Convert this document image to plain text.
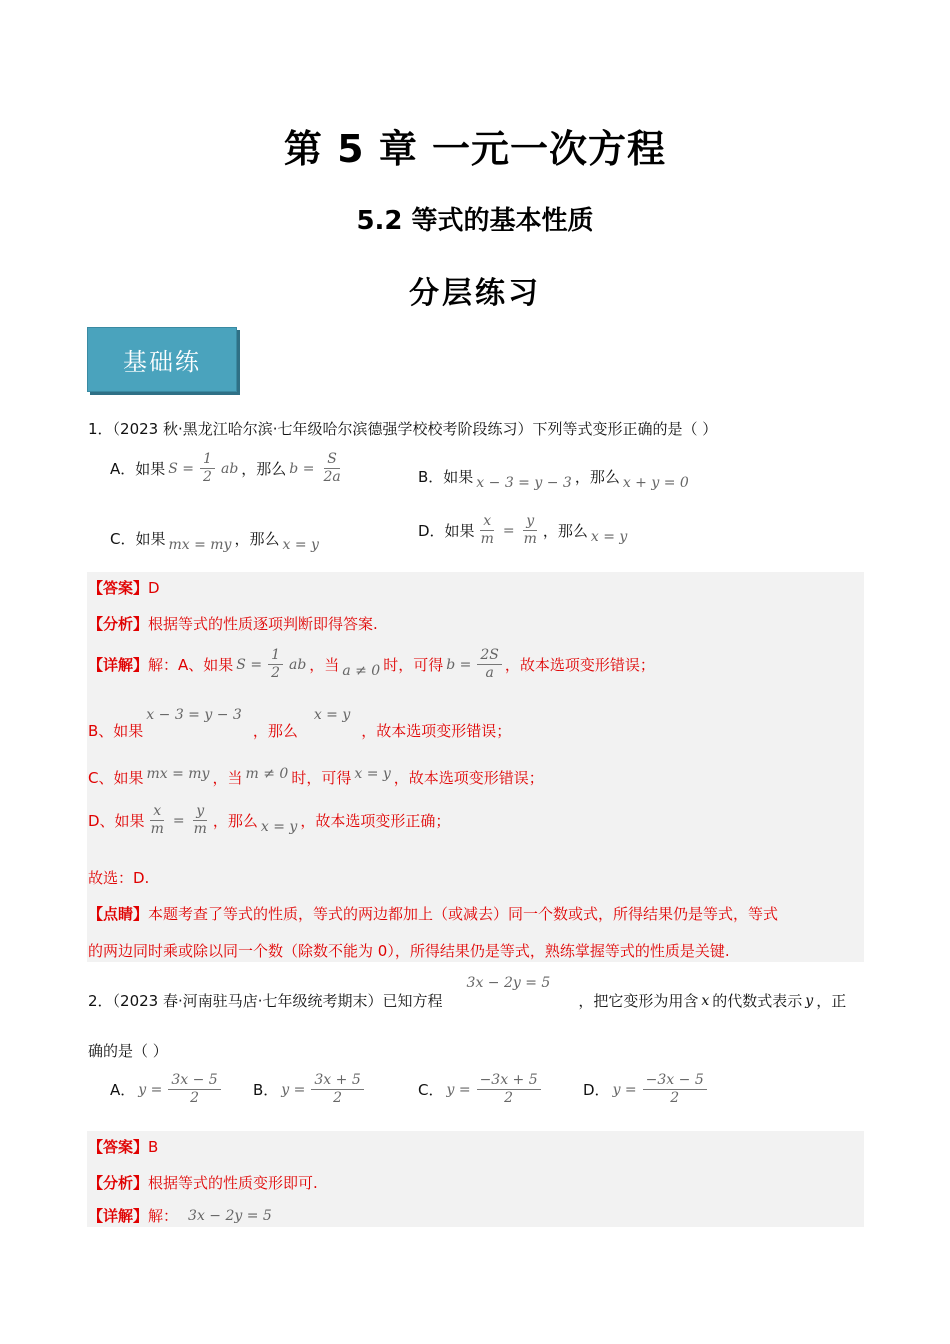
第 5 章 一元一次方程
5.2 等式的基本性质
分层练习
基础练
1．（2023 秋·黑龙江哈尔滨·七年级哈尔滨德强学校校考阶段练习）下列等式变形正确的是（ ）
A．如果 $S = \frac{1}{2}$ ab ，那么 $b = \frac{S}{2a}$	B．如果 x − 3 = y − 3 ，那么 x + y = 0
C．如果 mx = my ，那么 x = y
D．如果 $\frac{x}{m} = \frac{y}{m}$ ，那么 x = y
【答案】 D
【分析】 根据等式的性质逐项判断即得答案.
【详解】 解：A、如果 $S = \frac{1}{2}$ ab ，当 a ≠ 0 时，可得 $b = \frac{2S}{a}$ ，故本选项变形错误；
B、如果
x − 3 = y − 3
，那么
x = y
，故本选项变形错误；
C、如果 mx = my ，当 m ≠ 0 时，可得 x = y ，故本选项变形错误；
D、如果 $\frac{x}{m} = \frac{y}{m}$ ，那么 x = y ，故本选项变形正确；
故选：D.
【点睛】 本题考查了等式的性质，等式的两边都加上（或减去）同一个数或式，所得结果仍是等式，等式
的两边同时乘或除以同一个数（除数不能为 0），所得结果仍是等式，熟练掌握等式的性质是关键.
2．（2023 春·河南驻马店·七年级统考期末）已知方程
3x − 2y = 5
，把它变形为用含 x 的代数式表示 y ，正
确的是（ ）
A． $y = \frac{3x - 5}{2}$ B． $y = \frac{3x + 5}{2}$	C． $y = \frac{-3x + 5}{2}$	D． $y = \frac{-3x - 5}{2}$
【答案】 B
【分析】 根据等式的性质变形即可.
【详解】 解： 3x − 2y = 5
